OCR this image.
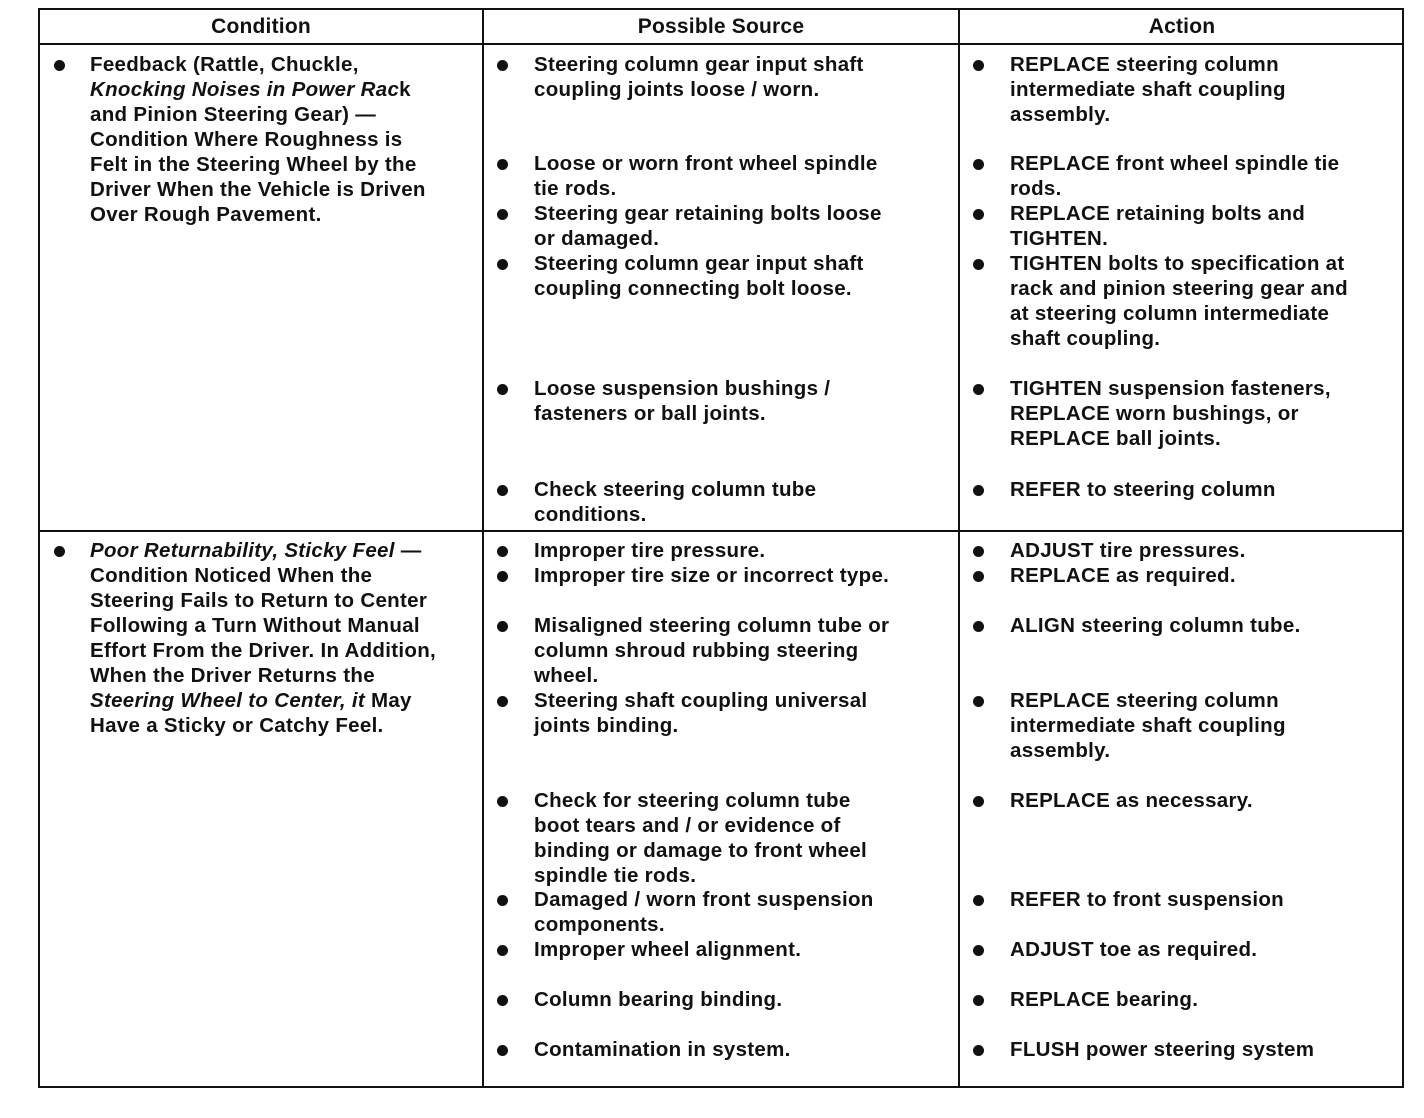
Condition	Possible Source	Action
Feedback (Rattle, Chuckle,
Knocking Noises in Power Rack
and Pinion Steering Gear) —
Condition Where Roughness is
Felt in the Steering Wheel by the
Driver When the Vehicle is Driven
Over Rough Pavement.
Steering column gear input shaft
coupling joints loose / worn.
Loose or worn front wheel spindle
tie rods.
Steering gear retaining bolts loose
or damaged.
Steering column gear input shaft
coupling connecting bolt loose.
Loose suspension bushings /
fasteners or ball joints.
Check steering column tube
conditions.
REPLACE steering column
intermediate shaft coupling
assembly.
REPLACE front wheel spindle tie
rods.
REPLACE retaining bolts and
TIGHTEN.
TIGHTEN bolts to specification at
rack and pinion steering gear and
at steering column intermediate
shaft coupling.
TIGHTEN suspension fasteners,
REPLACE worn bushings, or
REPLACE ball joints.
REFER to steering column
Poor Returnability, Sticky Feel —
Condition Noticed When the
Steering Fails to Return to Center
Following a Turn Without Manual
Effort From the Driver. In Addition,
When the Driver Returns the
Steering Wheel to Center, it May
Have a Sticky or Catchy Feel.
Improper tire pressure.
Improper tire size or incorrect type.
Misaligned steering column tube or
column shroud rubbing steering
wheel.
Steering shaft coupling universal
joints binding.
Check for steering column tube
boot tears and / or evidence of
binding or damage to front wheel
spindle tie rods.
Damaged / worn front suspension
components.
Improper wheel alignment.
Column bearing binding.
Contamination in system.
ADJUST tire pressures.
REPLACE as required.
ALIGN steering column tube.
REPLACE steering column
intermediate shaft coupling
assembly.
REPLACE as necessary.
REFER to front suspension
ADJUST toe as required.
REPLACE bearing.
FLUSH power steering system
